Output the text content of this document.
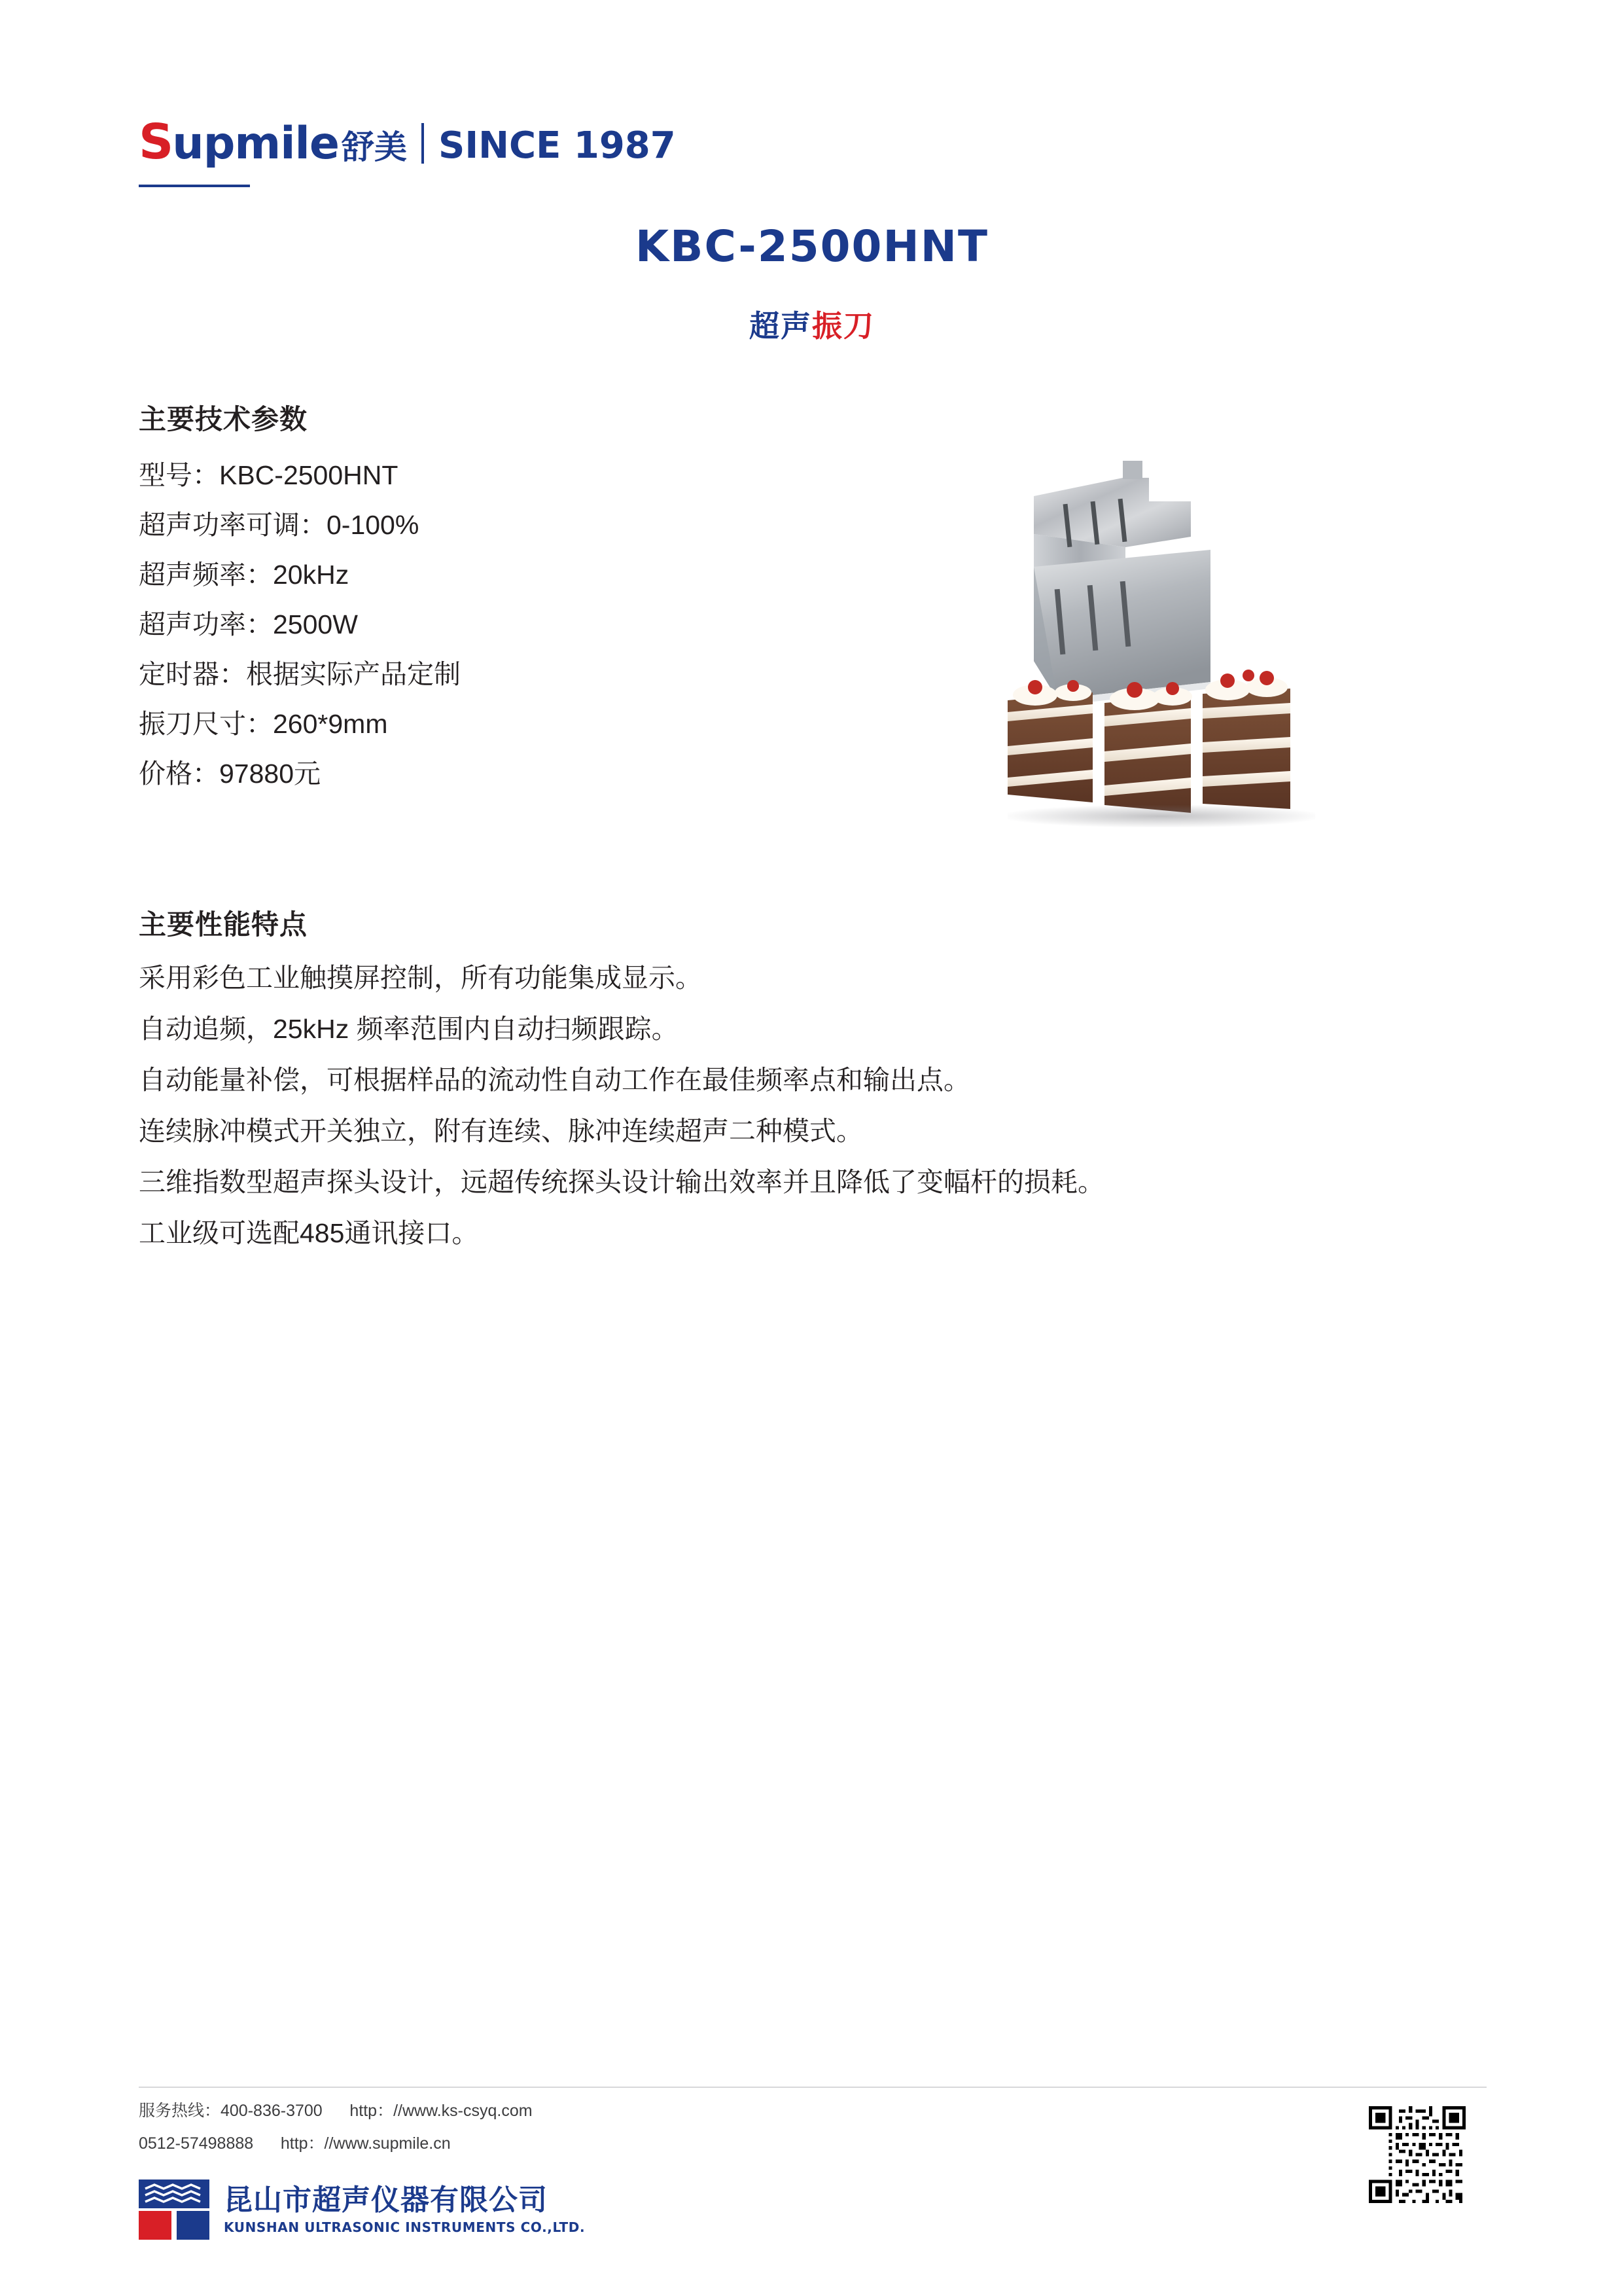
S upmile 舒美 SINCE 1987
KBC-2500HNT
超声振刀
主要技术参数
型号：KBC-2500HNT
超声功率可调：0-100%
超声频率：20kHz
超声功率：2500W
定时器：根据实际产品定制
振刀尺寸：260*9mm
价格：97880元
主要性能特点
采用彩色工业触摸屏控制，所有功能集成显示。
自动追频，25kHz 频率范围内自动扫频跟踪。
自动能量补偿，可根据样品的流动性自动工作在最佳频率点和输出点。
连续脉冲模式开关独立，附有连续、脉冲连续超声二种模式。
三维指数型超声探头设计，远超传统探头设计输出效率并且降低了变幅杆的损耗。
工业级可选配485通讯接口。
服务热线：400-836-3700      http：//www.ks-csyq.com
0512-57498888      http：//www.supmile.cn
昆山市超声仪器有限公司
KUNSHAN ULTRASONIC INSTRUMENTS CO.,LTD.
